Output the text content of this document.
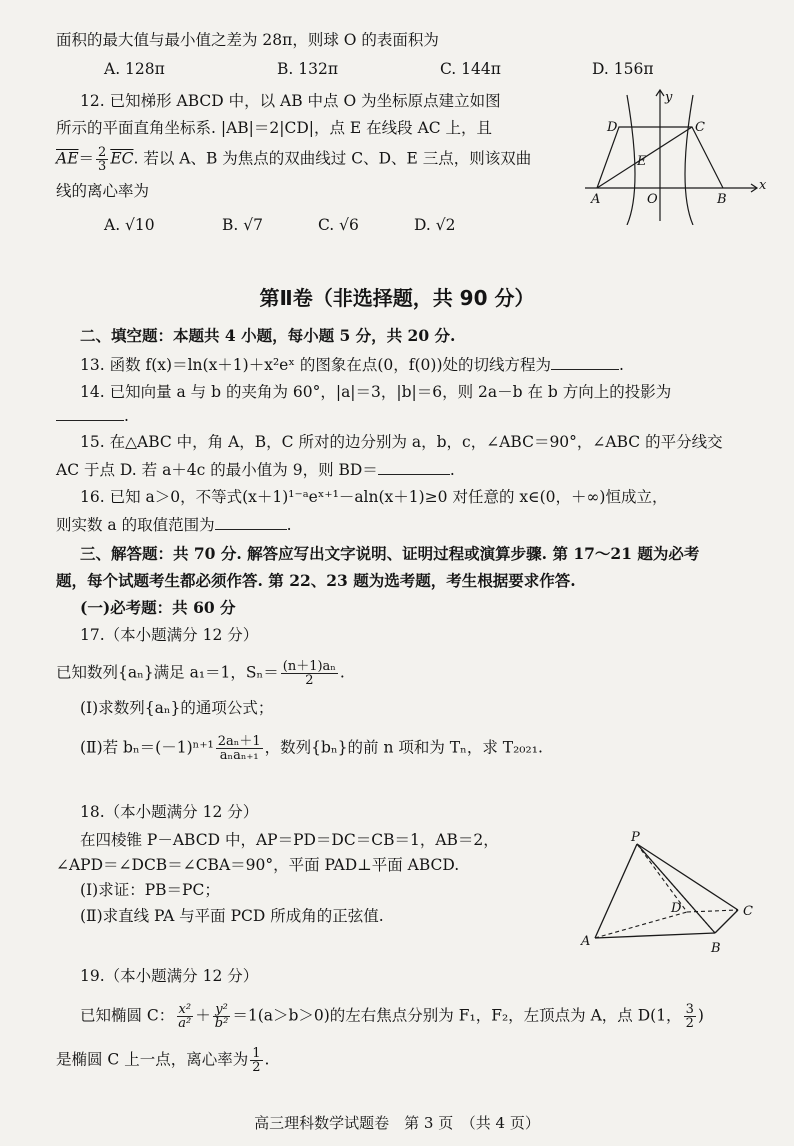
面积的最大值与最小值之差为 28π，则球 O 的表面积为
A. 128π	B. 132π	C. 144π	D. 156π
12. 已知梯形 ABCD 中，以 AB 中点 O 为坐标原点建立如图
所示的平面直角坐标系. |AB|＝2|CD|，点 E 在线段 AC 上，且
$\overline{AE}= \frac{2}{3} \overline{EC}$. 若以 A、B 为焦点的双曲线过 C、D、E 三点，则该双曲
线的离心率为
A. √10	B. √7	C. √6	D. √2
y
x
D	C
E
A	O	B
第Ⅱ卷（非选择题，共 90 分）
二、填空题：本题共 4 小题，每小题 5 分，共 20 分.
13. 函数 f(x)＝ln(x＋1)＋x²eˣ 的图象在点(0，f(0))处的切线方程为	.
14. 已知向量 a 与 b 的夹角为 60°，|a|＝3，|b|＝6，则 2a－b 在 b 方向上的投影为
.
15. 在△ABC 中，角 A，B，C 所对的边分别为 a，b，c，∠ABC＝90°，∠ABC 的平分线交
AC 于点 D. 若 a＋4c 的最小值为 9，则 BD＝	.
16. 已知 a＞0，不等式(x＋1)¹⁻ᵃeˣ⁺¹－aln(x＋1)≥0 对任意的 x∈(0，＋∞)恒成立，
则实数 a 的取值范围为	.
三、解答题：共 70 分. 解答应写出文字说明、证明过程或演算步骤. 第 17～21 题为必考
题，每个试题考生都必须作答. 第 22、23 题为选考题，考生根据要求作答.
(一)必考题：共 60 分
17.（本小题满分 12 分）
已知数列{aₙ}满足 a₁＝1，$S_n= \frac{\text{(n＋1)aₙ}}{2}$ .
(Ⅰ)求数列{aₙ}的通项公式；
(Ⅱ)若 $b_n=(-1)^{n+1} \frac{\text{2aₙ＋1}}{\text{aₙaₙ₊₁}}$ ，数列{bₙ}的前 n 项和为 Tₙ，求 T₂₀₂₁.
18.（本小题满分 12 分）
在四棱锥 P－ABCD 中，AP＝PD＝DC＝CB＝1，AB＝2，
∠APD＝∠DCB＝∠CBA＝90°，平面 PAD⊥平面 ABCD.
(Ⅰ)求证：PB＝PC；
(Ⅱ)求直线 PA 与平面 PCD 所成角的正弦值.
P
D	C
A	B
19.（本小题满分 12 分）
已知椭圆 C： $\frac{\text{x²}}{\text{a²}} + \frac{\text{y²}}{\text{b²}} =1(a>b>0)$的左右焦点分别为 F₁，F₂，左顶点为 A，点 D(1， $\frac{3}{2}$ )
是椭圆 C 上一点，离心率为 $\frac{1}{2}$ .
高三理科数学试题卷　第 3 页　（共 4 页）
